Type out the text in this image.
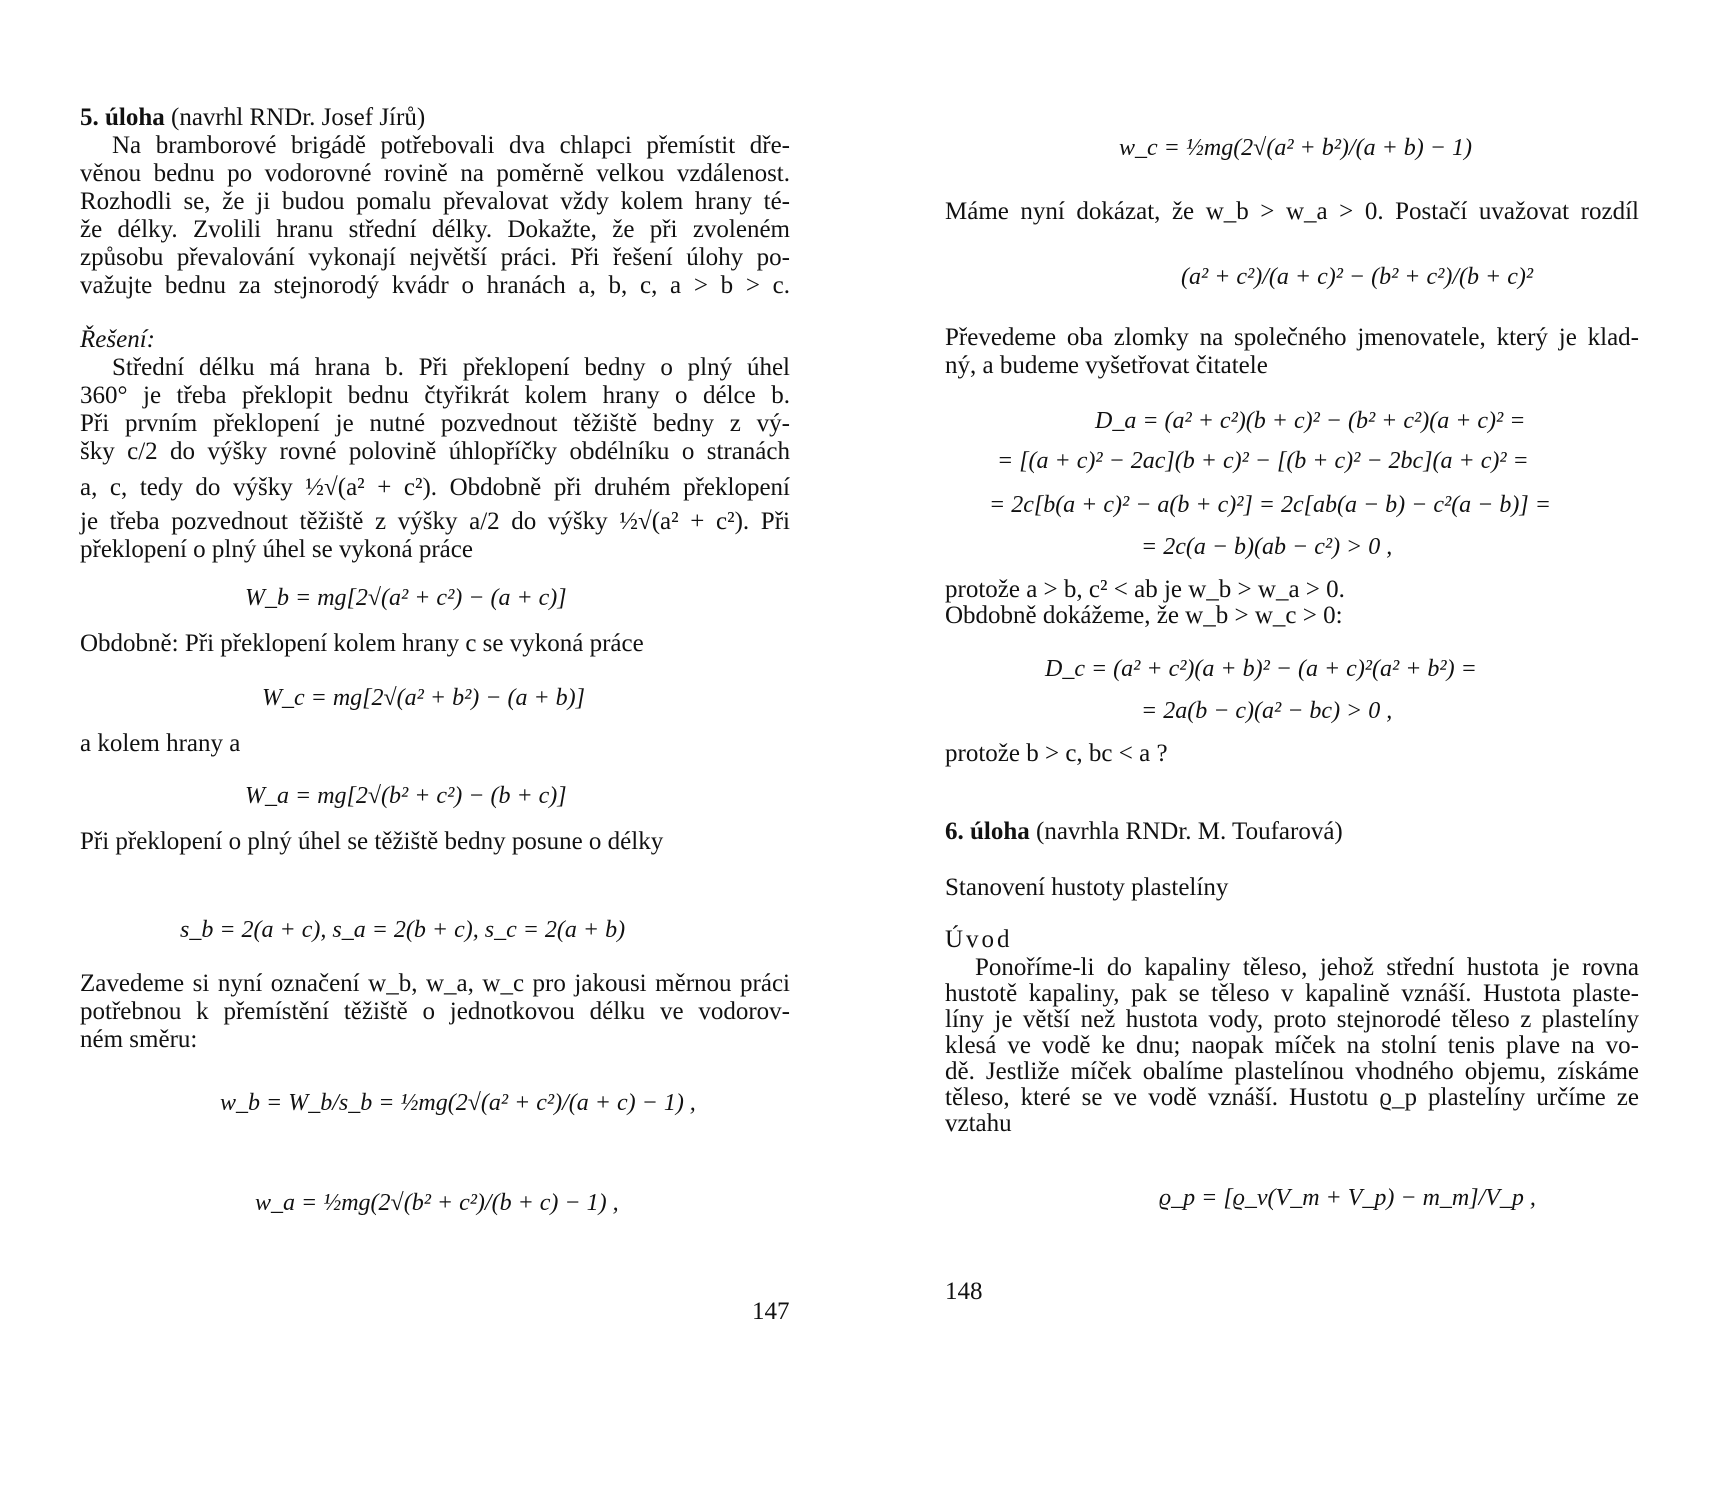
5. úloha (navrhl RNDr. Josef Jírů)
Na bramborové brigádě potřebovali dva chlapci přemístit dře-
věnou bednu po vodorovné rovině na poměrně velkou vzdálenost.
Rozhodli se, že ji budou pomalu převalovat vždy kolem hrany té-
že délky. Zvolili hranu střední délky. Dokažte, že při zvoleném
způsobu převalování vykonají největší práci. Při řešení úlohy po-
važujte bednu za stejnorodý kvádr o hranách a, b, c, a > b > c.
Řešení:
Střední délku má hrana b. Při překlopení bedny o plný úhel
360° je třeba překlopit bednu čtyřikrát kolem hrany o délce b.
Při prvním překlopení je nutné pozvednout těžiště bedny z vý-
šky c/2 do výšky rovné polovině úhlopříčky obdélníku o stranách
a, c, tedy do výšky ½√(a² + c²). Obdobně při druhém překlopení
je třeba pozvednout těžiště z výšky a/2 do výšky ½√(a² + c²). Při
překlopení o plný úhel se vykoná práce
W_b = mg[2√(a² + c²) − (a + c)]
Obdobně: Při překlopení kolem hrany c se vykoná práce
W_c = mg[2√(a² + b²) − (a + b)]
a kolem hrany a
W_a = mg[2√(b² + c²) − (b + c)]
Při překlopení o plný úhel se těžiště bedny posune o délky
s_b = 2(a + c), s_a = 2(b + c), s_c = 2(a + b)
Zavedeme si nyní označení w_b, w_a, w_c pro jakousi měrnou práci
potřebnou k přemístění těžiště o jednotkovou délku ve vodorov-
ném směru:
w_b = W_b/s_b = ½mg(2√(a² + c²)/(a + c) − 1) ,
w_a = ½mg(2√(b² + c²)/(b + c) − 1) ,
147
w_c = ½mg(2√(a² + b²)/(a + b) − 1)
Máme nyní dokázat, že w_b > w_a > 0. Postačí uvažovat rozdíl
(a² + c²)/(a + c)² − (b² + c²)/(b + c)²
Převedeme oba zlomky na společného jmenovatele, který je klad-
ný, a budeme vyšetřovat čitatele
D_a = (a² + c²)(b + c)² − (b² + c²)(a + c)² =
= [(a + c)² − 2ac](b + c)² − [(b + c)² − 2bc](a + c)² =
= 2c[b(a + c)² − a(b + c)²] = 2c[ab(a − b) − c²(a − b)] =
= 2c(a − b)(ab − c²) > 0 ,
protože a > b, c² < ab je w_b > w_a > 0.
Obdobně dokážeme, že w_b > w_c > 0:
D_c = (a² + c²)(a + b)² − (a + c)²(a² + b²) =
= 2a(b − c)(a² − bc) > 0 ,
protože b > c, bc < a ?
6. úloha (navrhla RNDr. M. Toufarová)
Stanovení hustoty plastelíny
Úvod
Ponoříme-li do kapaliny těleso, jehož střední hustota je rovna
hustotě kapaliny, pak se těleso v kapalině vznáší. Hustota plaste-
líny je větší než hustota vody, proto stejnorodé těleso z plastelíny
klesá ve vodě ke dnu; naopak míček na stolní tenis plave na vo-
dě. Jestliže míček obalíme plastelínou vhodného objemu, získáme
těleso, které se ve vodě vznáší. Hustotu ϱ_p plastelíny určíme ze
vztahu
ϱ_p = [ϱ_v(V_m + V_p) − m_m]/V_p ,
148
